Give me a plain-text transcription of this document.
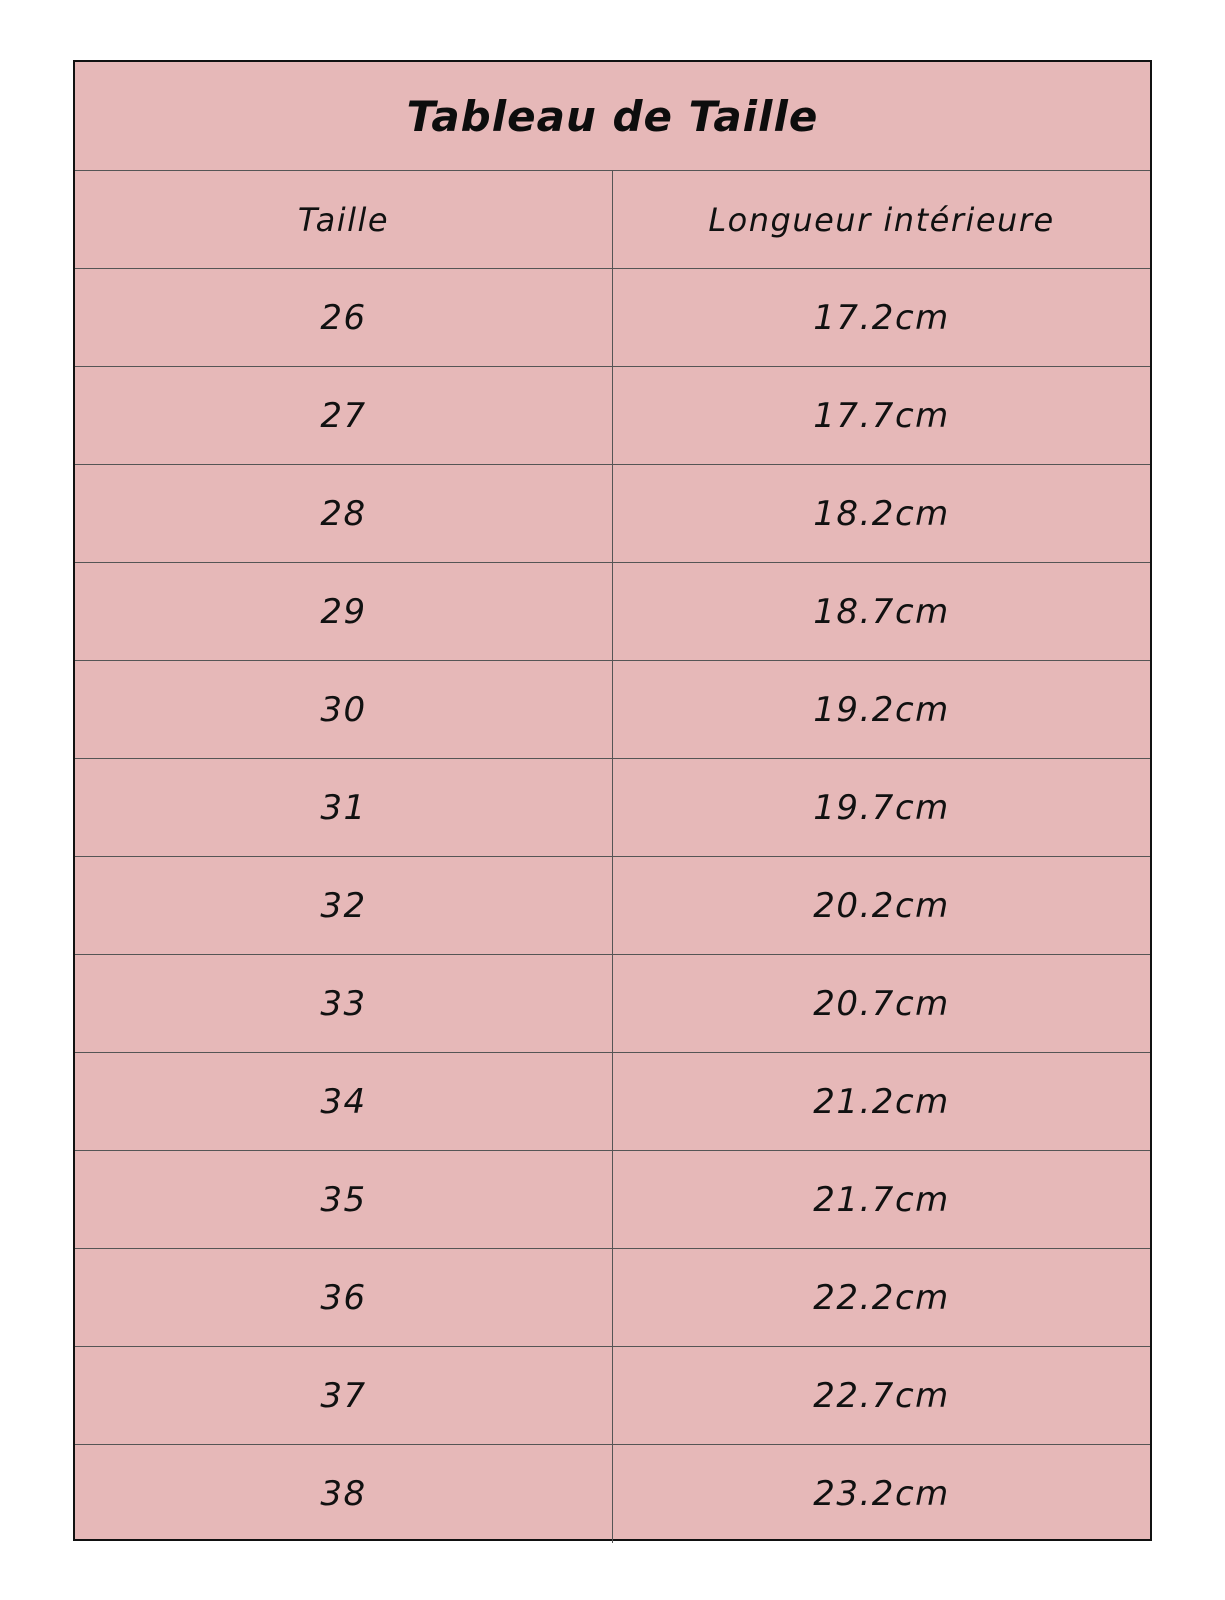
Tableau de Taille
Taille	Longueur intérieure
26	17.2cm
27	17.7cm
28	18.2cm
29	18.7cm
30	19.2cm
31	19.7cm
32	20.2cm
33	20.7cm
34	21.2cm
35	21.7cm
36	22.2cm
37	22.7cm
38	23.2cm
